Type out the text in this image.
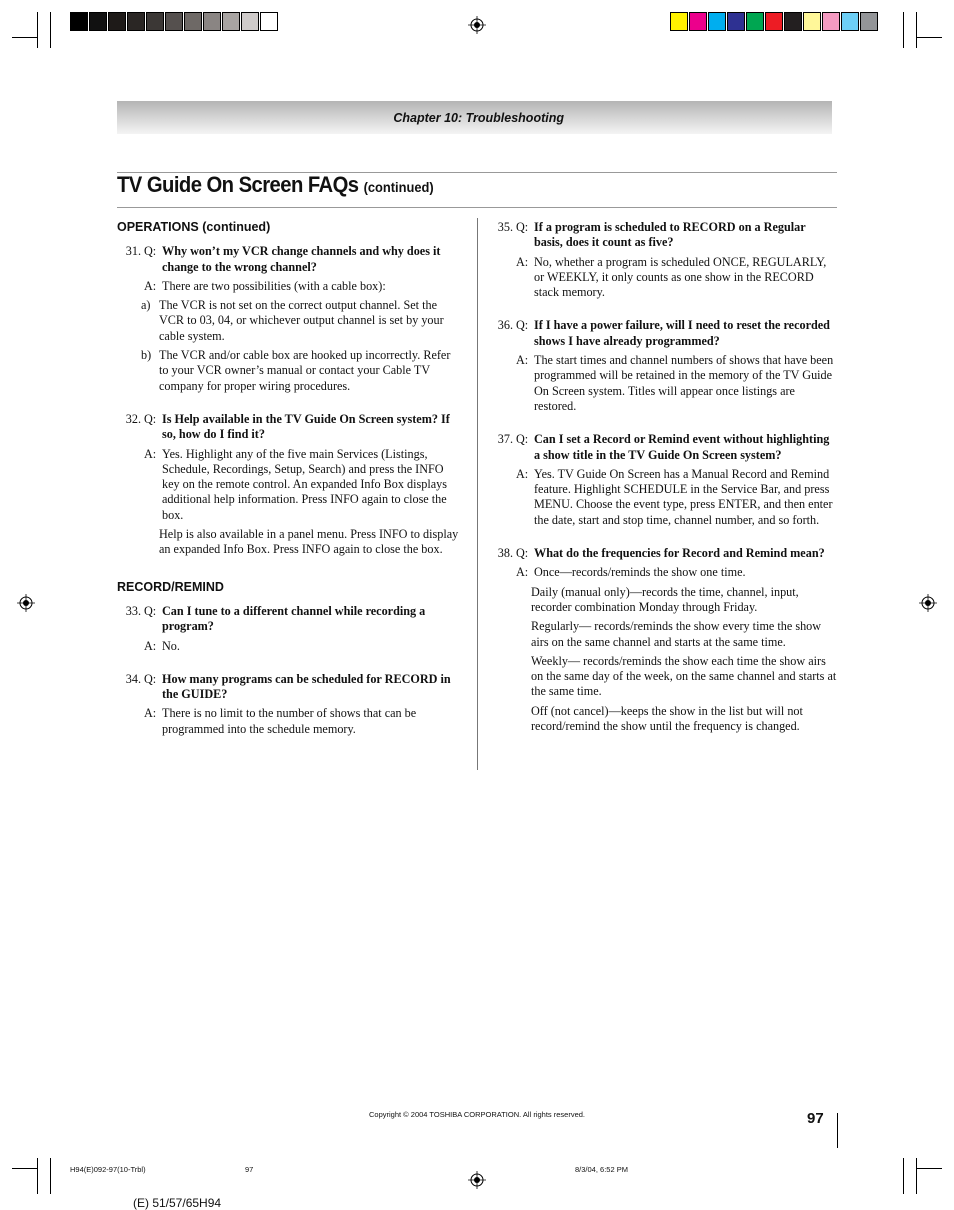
Chapter 10: Troubleshooting
TV Guide On Screen FAQs (continued)
OPERATIONS (continued)
31. Q: Why won’t my VCR change channels and why does it change to the wrong channel?
A: There are two possibilities (with a cable box):
a) The VCR is not set on the correct output channel. Set the VCR to 03, 04, or whichever output channel is set by your cable system.
b) The VCR and/or cable box are hooked up incorrectly. Refer to your VCR owner’s manual or contact your Cable TV company for proper wiring procedures.
32. Q: Is Help available in the TV Guide On Screen system? If so, how do I find it?
A: Yes. Highlight any of the five main Services (Listings, Schedule, Recordings, Setup, Search) and press the INFO key on the remote control. An expanded Info Box displays additional help information. Press INFO again to close the box.
Help is also available in a panel menu. Press INFO to display an expanded Info Box. Press INFO again to close the box.
RECORD/REMIND
33. Q: Can I tune to a different channel while recording a program?
A: No.
34. Q: How many programs can be scheduled for RECORD in the GUIDE?
A: There is no limit to the number of shows that can be programmed into the schedule memory.
35. Q: If a program is scheduled to RECORD on a Regular basis, does it count as five?
A: No, whether a program is scheduled ONCE, REGULARLY, or WEEKLY, it only counts as one show in the RECORD stack memory.
36. Q: If I have a power failure, will I need to reset the recorded shows I have already programmed?
A: The start times and channel numbers of shows that have been programmed will be retained in the memory of the TV Guide On Screen system. Titles will appear once listings are restored.
37. Q: Can I set a Record or Remind event without highlighting a show title in the TV Guide On Screen system?
A: Yes. TV Guide On Screen has a Manual Record and Remind feature. Highlight SCHEDULE in the Service Bar, and press MENU. Choose the event type, press ENTER, and then enter the date, start and stop time, channel number, and so forth.
38. Q: What do the frequencies for Record and Remind mean?
A: Once—records/reminds the show one time.
Daily (manual only)—records the time, channel, input, recorder combination Monday through Friday.
Regularly— records/reminds the show every time the show airs on the same channel and starts at the same time.
Weekly— records/reminds the show each time the show airs on the same day of the week, on the same channel and starts at the same time.
Off (not cancel)—keeps the show in the list but will not record/remind the show until the frequency is changed.
Copyright © 2004 TOSHIBA CORPORATION. All rights reserved.	97
H94(E)092-97(10-Trbl)	97	8/3/04, 6:52 PM
(E) 51/57/65H94
